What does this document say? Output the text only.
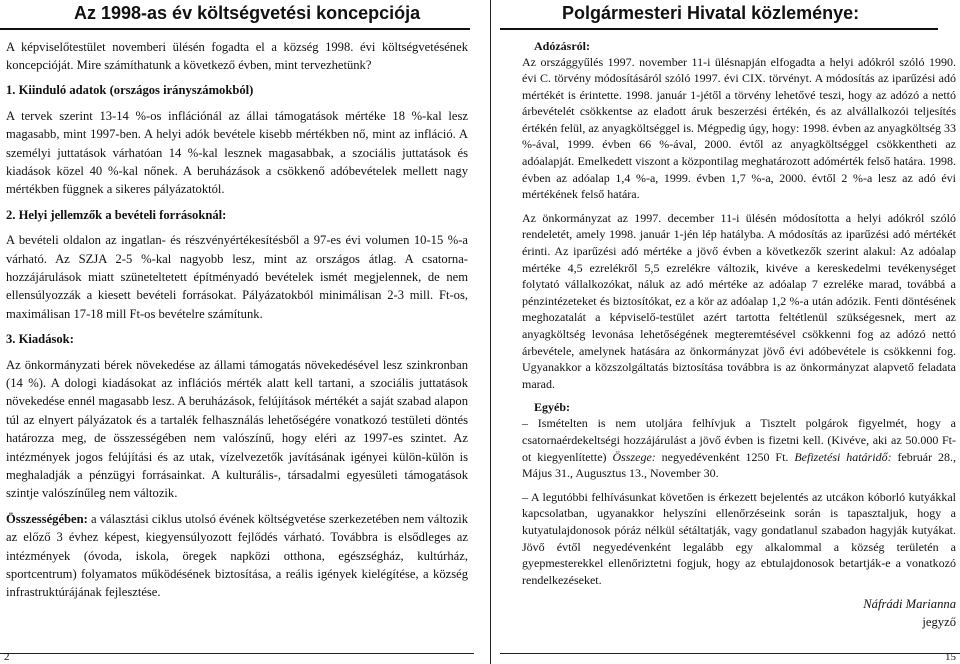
Az 1998-as év költségvetési koncepciója

A képviselőtestület novemberi ülésén fogadta el a község 1998. évi költségvetésének koncepcióját. Mire számíthatunk a következő évben, mint tervezhetünk?

1. Kiinduló adatok (országos irányszámokból)

A tervek szerint 13-14 %-os inflációnál az állai támogatások mértéke 18 %-kal lesz magasabb, mint 1997-ben. A helyi adók bevétele kisebb mértékben nő, mint az infláció. A személyi juttatások várhatóan 14 %-kal lesznek magasabbak, a szociális juttatások és kiadások közel 40 %-kal nőnek. A beruházások a csökkenő adóbevételek mellett nagy mértékben függnek a sikeres pályázatoktól.

2. Helyi jellemzők a bevételi forrásoknál:

A bevételi oldalon az ingatlan- és részvényértékesítésből a 97-es évi volumen 10-15 %-a várható. Az SZJA 2-5 %-kal nagyobb lesz, mint az országos átlag. A csatorna-hozzájárulások miatt szüneteltetett építményadó bevételek ismét megjelennek, de nem ellensúlyozzák a kiesett bevételi forrásokat. Pályázatokból minimálisan 2-3 mill. Ft-os, maximálisan 17-18 mill Ft-os bevételre számítunk.

3. Kiadások:

Az önkormányzati bérek növekedése az állami támogatás növekedésével lesz szinkronban (14 %). A dologi kiadásokat az inflációs mérték alatt kell tartani, a szociális juttatások növekedése ennél magasabb lesz. A beruházások, felújítások mértékét a saját szabad alapon túl az elnyert pályázatok és a tartalék felhasználás lehetőségére vonatkozó testületi döntés határozza meg, de összességében nem valószínű, hogy eléri az 1997-es szintet. Az intézmények jogos felújítási és az utak, vízelvezetők javításának igényei külön-külön is meghaladják a pénzügyi forrásainkat. A kulturális-, társadalmi egyesületi támogatások szintje valószínűleg nem változik.

Összességében: a választási ciklus utolsó évének költségvetése szerkezetében nem változik az előző 3 évhez képest, kiegyensúlyozott fejlődés várható. Továbbra is elsődleges az intézmények (óvoda, iskola, öregek napközi otthona, egészségház, kultúrház, sportcentrum) folyamatos működésének biztosítása, a reális igények kielégítése, a község infrastruktúrájának fejlesztése.

Polgármesteri Hivatal közleménye:
Adózásról:

Az országgyűlés 1997. november 11-i ülésnapján elfogadta a helyi adókról szóló 1990. évi C. törvény módosításáról szóló 1997. évi CIX. törvényt. A módosítás az iparűzési adó mértékét is érintette. 1998. január 1-jétől a törvény lehetővé teszi, hogy az adózó a nettó árbevételét csökkentse az eladott áruk beszerzési értékén, és az alvállalkozói teljesítés értékén felül, az anyagköltséggel is. Mégpedig úgy, hogy: 1998. évben az anyagköltség 33 %-ával, 1999. évben 66 %-ával, 2000. évtől az anyagköltséggel csökkentheti az adóalapját. Emelkedett viszont a központilag meghatározott adómérték felső határa. 1998. évben az adóalap 1,4 %-a, 1999. évben 1,7 %-a, 2000. évtől 2 %-a lesz az adó évi mértékének felső határa.

Az önkormányzat az 1997. december 11-i ülésén módosította a helyi adókról szóló rendeletét, amely 1998. január 1-jén lép hatályba. A módosítás az iparűzési adó mértékét érinti. Az iparűzési adó mértéke a jövő évben a következők szerint alakul: Az adóalap mértéke 4,5 ezrelékről 5,5 ezrelékre változik, kivéve a kereskedelmi tevékenységet folytató vállalkozókat, náluk az adó mértéke az adóalap 7 ezreléke marad, továbbá a pénzintézeteket és biztosítókat, ez a kör az adóalap 1,2 %-a után adózik. Fenti döntésének meghozatalát a képviselő-testület azért tartotta feltétlenül szükségesnek, mert az anyagköltség levonása lehetőségének megteremtésével csökkenni fog az adózó nettó árbevétele, amelynek hatására az önkormányzat jövő évi adóbevétele is csökkenni fog. Ugyanakkor a közszolgáltatás biztosítása továbbra is az önkormányzat alapvető feladata marad.

Egyéb:

– Ismételten is nem utoljára felhívjuk a Tisztelt polgárok figyelmét, hogy a csatornaérdekeltségi hozzájárulást a jövő évben is fizetni kell. (Kivéve, aki az 50.000 Ft-ot kiegyenlítette) Összege: negyedévenként 1250 Ft. Befizetési határidő: február 28., Május 31., Augusztus 13., November 30.

– A legutóbbi felhívásunkat követően is érkezett bejelentés az utcákon kóborló kutyákkal kapcsolatban, ugyanakkor helyszíni ellenőrzéseink során is tapasztaljuk, hogy a kutyatulajdonosok póráz nélkül sétáltatják, vagy gondatlanul szabadon hagyják kutyákat. Jövő évtől negyedévenként legalább egy alkalommal a község területén a gyepmesterekkel ellenőriztetni fogjuk, hogy az ebtulajdonosok betartják-e a vonatkozó rendelkezéseket.

Náfrádi Marianna
jegyző
2	15
